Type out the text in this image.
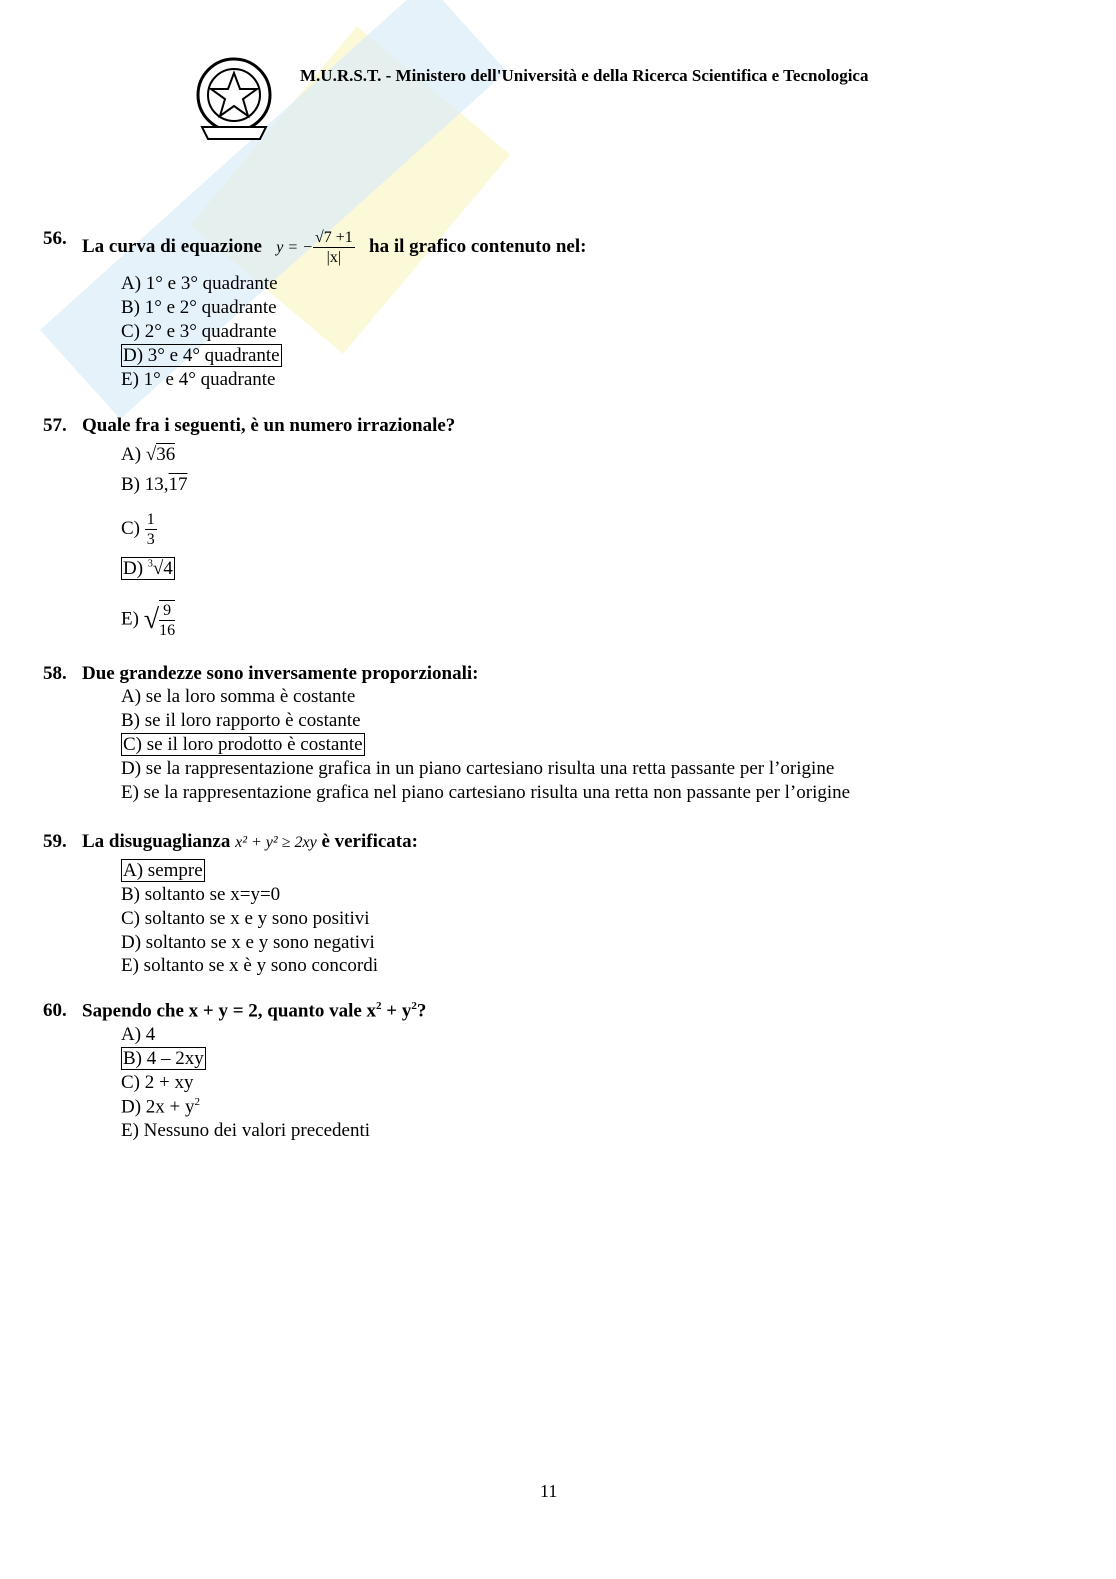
M.U.R.S.T. - Ministero dell'Università e della Ricerca Scientifica e Tecnologica
56. La curva di equazione y = − $\frac{√7 +1}{|x|}$ ha il grafico contenuto nel:
A) 1° e 3° quadrante
B) 1° e 2° quadrante
C) 2° e 3° quadrante
D) 3° e 4° quadrante
E) 1° e 4° quadrante
57. Quale fra i seguenti, è un numero irrazionale?
A) √36
B) 13,17
$C) \frac{1}{3}$
D) $^3$√4
E) √ $\frac{9}{16}$
58. Due grandezze sono inversamente proporzionali:
A) se la loro somma è costante
B) se il loro rapporto è costante
C) se il loro prodotto è costante
D) se la rappresentazione grafica in un piano cartesiano risulta una retta passante per l’origine
E) se la rappresentazione grafica nel piano cartesiano risulta una retta non passante per l’origine
59. La disuguaglianza x² + y² ≥ 2xy è verificata:
A) sempre
B) soltanto se x=y=0
C) soltanto se x e y sono positivi
D) soltanto se x e y sono negativi
E) soltanto se x è y sono concordi
60. Sapendo che x + y = 2, quanto vale $x^2 + y^2$?
A) 4
B) 4 – 2xy
C) 2 + xy
D) $2x + y^2$
E) Nessuno dei valori precedenti
11
